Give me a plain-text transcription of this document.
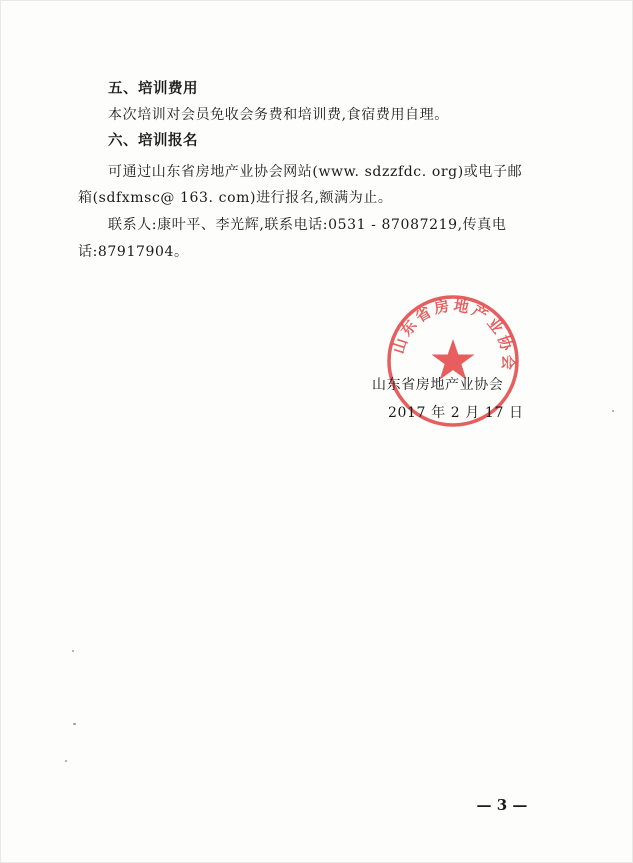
五、培训费用
本次培训对会员免收会务费和培训费,食宿费用自理。
六、培训报名
可通过山东省房地产业协会网站(www. sdzzfdc. org)或电子邮
箱(sdfxmsc@ 163. com)进行报名,额满为止。
联系人:康叶平、李光辉,联系电话:0531 - 87087219,传真电
话:87917904。
山东省房地产业协会
山东省房地产业协会
2017 年 2 月 17 日
— 3 —
